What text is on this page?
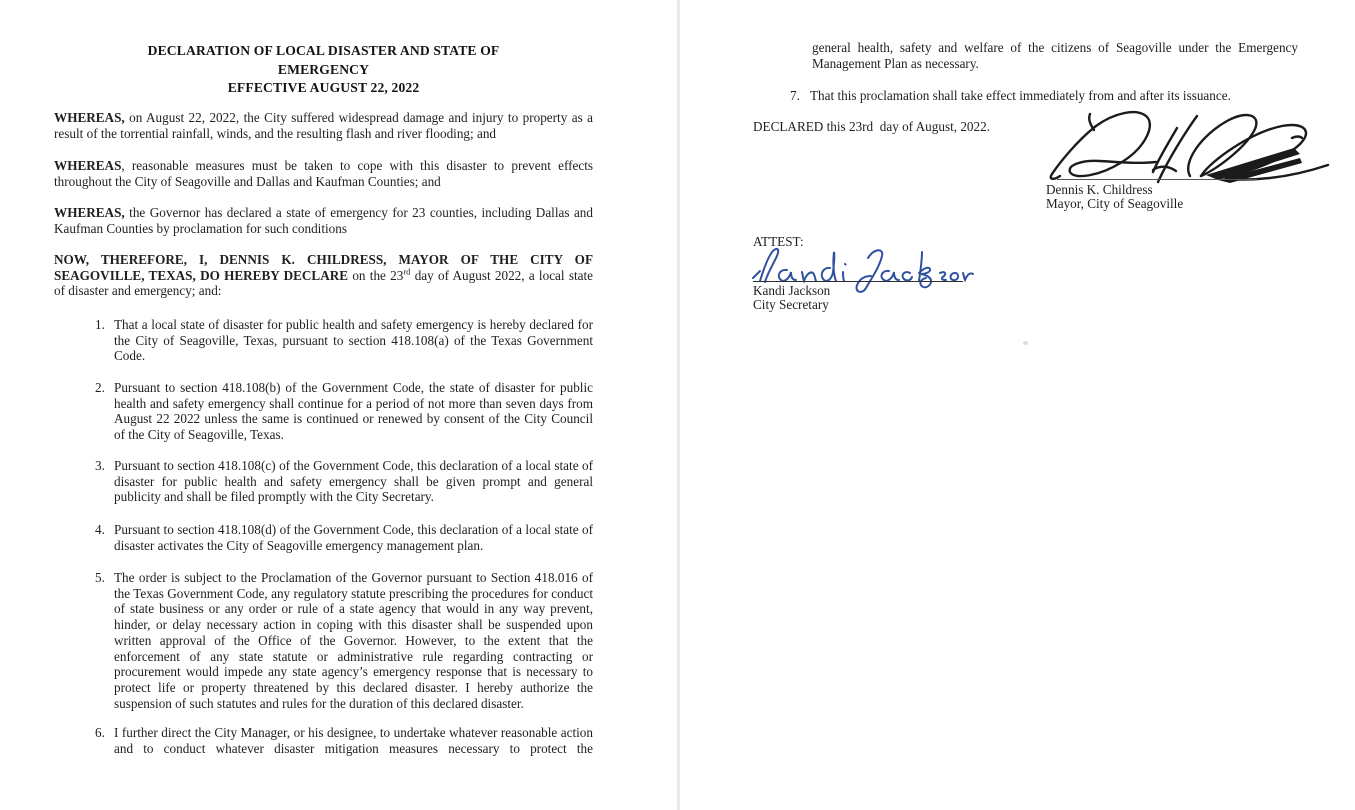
DECLARATION OF LOCAL DISASTER AND STATE OF
EMERGENCY
EFFECTIVE AUGUST 22, 2022

WHEREAS, on August 22, 2022, the City suffered widespread damage and injury to property as a result of the torrential rainfall, winds, and the resulting flash and river flooding; and

WHEREAS, reasonable measures must be taken to cope with this disaster to prevent effects throughout the City of Seagoville and Dallas and Kaufman Counties; and

WHEREAS, the Governor has declared a state of emergency for 23 counties, including Dallas and Kaufman Counties by proclamation for such conditions

NOW, THEREFORE, I, DENNIS K. CHILDRESS, MAYOR OF THE CITY OF SEAGOVILLE, TEXAS, DO HEREBY DECLARE on the 23rd day of August 2022, a local state of disaster and emergency; and:

1. That a local state of disaster for public health and safety emergency is hereby declared for the City of Seagoville, Texas, pursuant to section 418.108(a) of the Texas Government Code.
2. Pursuant to section 418.108(b) of the Government Code, the state of disaster for public health and safety emergency shall continue for a period of not more than seven days from August 22 2022 unless the same is continued or renewed by consent of the City Council of the City of Seagoville, Texas.
3. Pursuant to section 418.108(c) of the Government Code, this declaration of a local state of disaster for public health and safety emergency shall be given prompt and general publicity and shall be filed promptly with the City Secretary.
4. Pursuant to section 418.108(d) of the Government Code, this declaration of a local state of disaster activates the City of Seagoville emergency management plan.
5. The order is subject to the Proclamation of the Governor pursuant to Section 418.016 of the Texas Government Code, any regulatory statute prescribing the procedures for conduct of state business or any order or rule of a state agency that would in any way prevent, hinder, or delay necessary action in coping with this disaster shall be suspended upon written approval of the Office of the Governor. However, to the extent that the enforcement of any state statute or administrative rule regarding contracting or procurement would impede any state agency’s emergency response that is necessary to protect life or property threatened by this declared disaster. I hereby authorize the suspension of such statutes and rules for the duration of this declared disaster.
6. I further direct the City Manager, or his designee, to undertake whatever reasonable action and to conduct whatever disaster mitigation measures necessary to protect the

general health, safety and welfare of the citizens of Seagoville under the Emergency Management Plan as necessary.

7. That this proclamation shall take effect immediately from and after its issuance.

DECLARED this 23rd  day of August, 2022.

Dennis K. Childress

Mayor, City of Seagoville

ATTEST:

Kandi Jackson

City Secretary
